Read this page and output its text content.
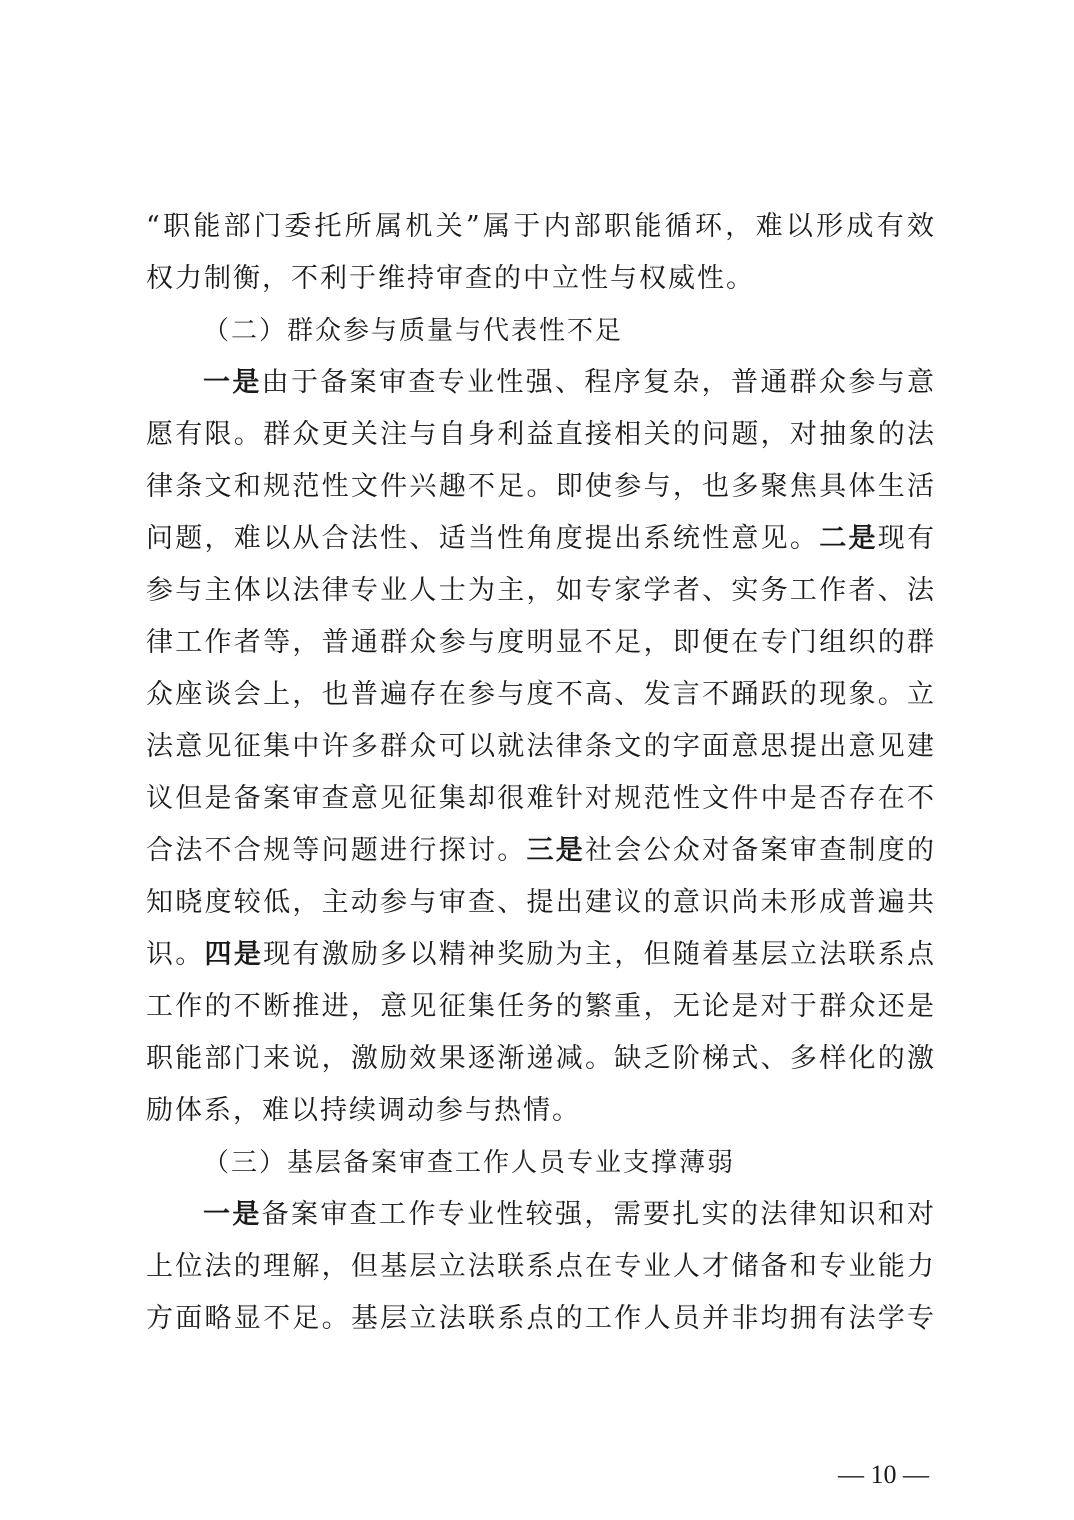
“职能部门委托所属机关”属于内部职能循环，难以形成有效
权力制衡，不利于维持审查的中立性与权威性。
（二）群众参与质量与代表性不足
一是由于备案审查专业性强、程序复杂，普通群众参与意
愿有限。群众更关注与自身利益直接相关的问题，对抽象的法
律条文和规范性文件兴趣不足。即使参与，也多聚焦具体生活
问题，难以从合法性、适当性角度提出系统性意见。二是现有
参与主体以法律专业人士为主，如专家学者、实务工作者、法
律工作者等，普通群众参与度明显不足，即便在专门组织的群
众座谈会上，也普遍存在参与度不高、发言不踊跃的现象。立
法意见征集中许多群众可以就法律条文的字面意思提出意见建
议但是备案审查意见征集却很难针对规范性文件中是否存在不
合法不合规等问题进行探讨。三是社会公众对备案审查制度的
知晓度较低，主动参与审查、提出建议的意识尚未形成普遍共
识。四是现有激励多以精神奖励为主，但随着基层立法联系点
工作的不断推进，意见征集任务的繁重，无论是对于群众还是
职能部门来说，激励效果逐渐递减。缺乏阶梯式、多样化的激
励体系，难以持续调动参与热情。
（三）基层备案审查工作人员专业支撑薄弱
一是备案审查工作专业性较强，需要扎实的法律知识和对
上位法的理解，但基层立法联系点在专业人才储备和专业能力
方面略显不足。基层立法联系点的工作人员并非均拥有法学专
— 10 —
